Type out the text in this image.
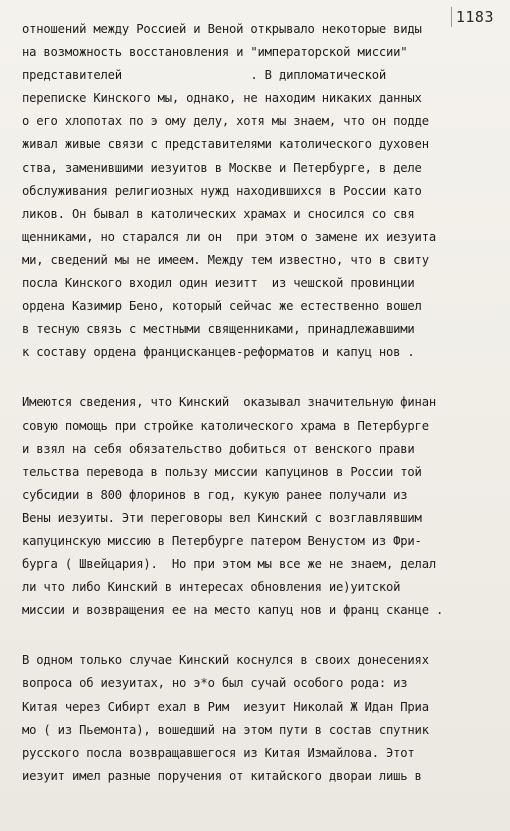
1183
отношений между Россией и Веной открывало некоторые виды
на возможность восстановления и "императорской миссии"
представителей                  . В дипломатической
переписке Кинского мы, однако, не находим никаких данных
о его хлопотах по э ому делу, хотя мы знаем, что он подде
живал живые связи с представителями католического духовен
ства, заменившими иезуитов в Москве и Петербурге, в деле
обслуживания религиозных нужд находившихся в России като
ликов. Он бывал в католических храмах и сносился со свя
щенниками, но старался ли он  при этом о замене их иезуита
ми, сведений мы не имеем. Между тем известно, что в свиту
посла Кинского входил один иезитт  из чешской провинции
ордена Казимир Бено, который сейчас же естественно вошел
в тесную связь с местными священниками, принадлежавшими
к составу ордена францисканцев-реформатов и капуц нов .
Имеются сведения, что Кинский  оказывал значительную финан
совую помощь при стройке католического храма в Петербурге
и взял на себя обязательство добиться от венского прави
тельства перевода в пользу миссии капуцинов в России той
субсидии в 800 флоринов в год, кукую ранее получали из
Вены иезуиты. Эти переговоры вел Кинский с возглавлявшим
капуцинскую миссию в Петербурге патером Венустом из Фри-
бурга ( Швейцария).  Но при этом мы все же не знаем, делал
ли что либо Кинский в интересах обновления ие)уитской
миссии и возвращения ее на место капуц нов и франц сканце .
В одном только случае Кинский коснулся в своих донесениях
вопроса об иезуитах, но э*о был сучай особого рода: из
Китая через Сибирт ехал в Рим  иезуит Николай Ж Идан Приа
мо ( из Пьемонта), вошедший на этом пути в состав спутник
русского посла возвращавшегося из Китая Измайлова. Этот
иезуит имел разные поручения от китайского двораи лишь в
